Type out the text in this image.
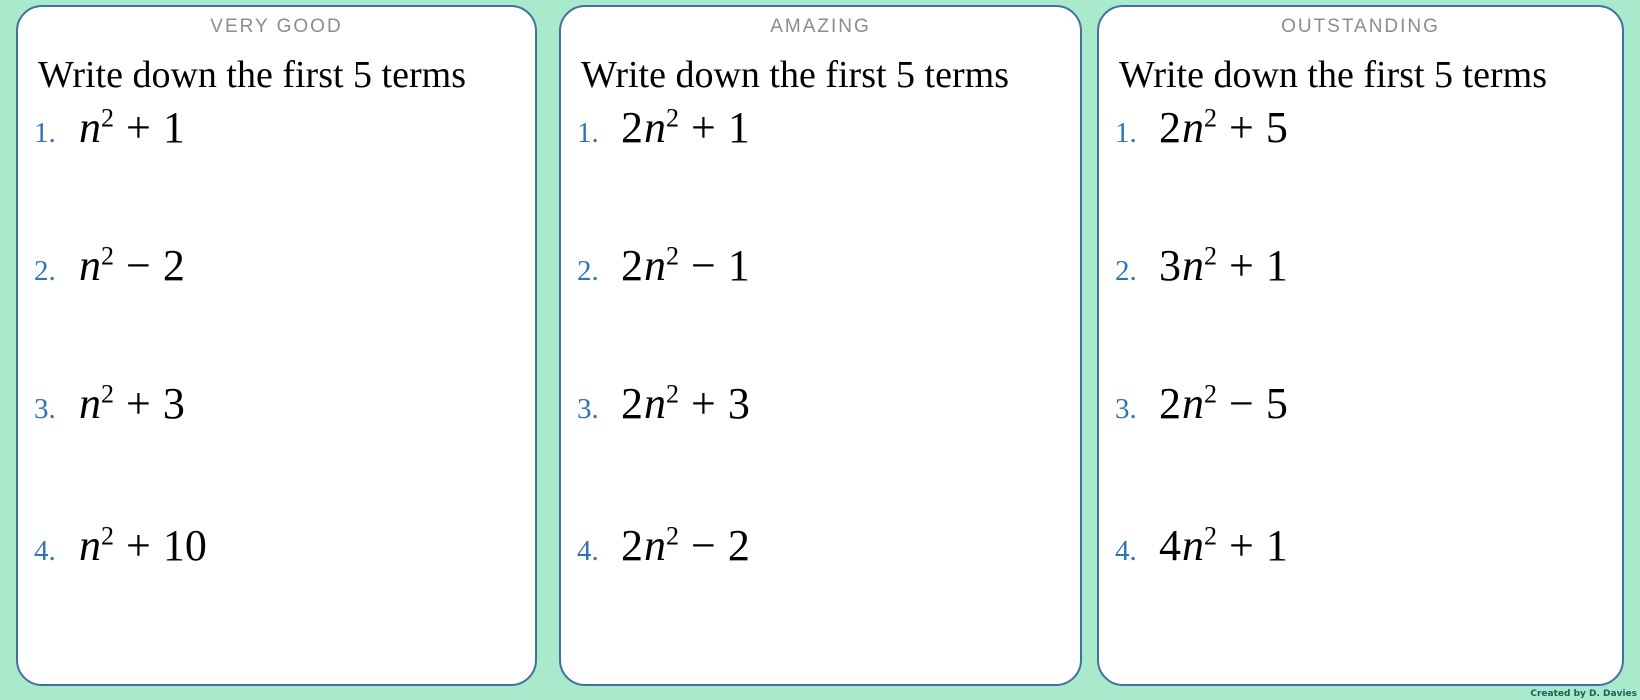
VERY GOOD
Write down the first 5 terms
1. $n^2 + 1$
2. $n^2 - 2$
3. $n^2 + 3$
4. $n^2 + 10$
AMAZING
Write down the first 5 terms
1. $2n^2 + 1$
2. $2n^2 - 1$
3. $2n^2 + 3$
4. $2n^2 - 2$
OUTSTANDING
Write down the first 5 terms
1. $2n^2 + 5$
2. $3n^2 + 1$
3. $2n^2 - 5$
4. $4n^2 + 1$
Created by D. Davies
